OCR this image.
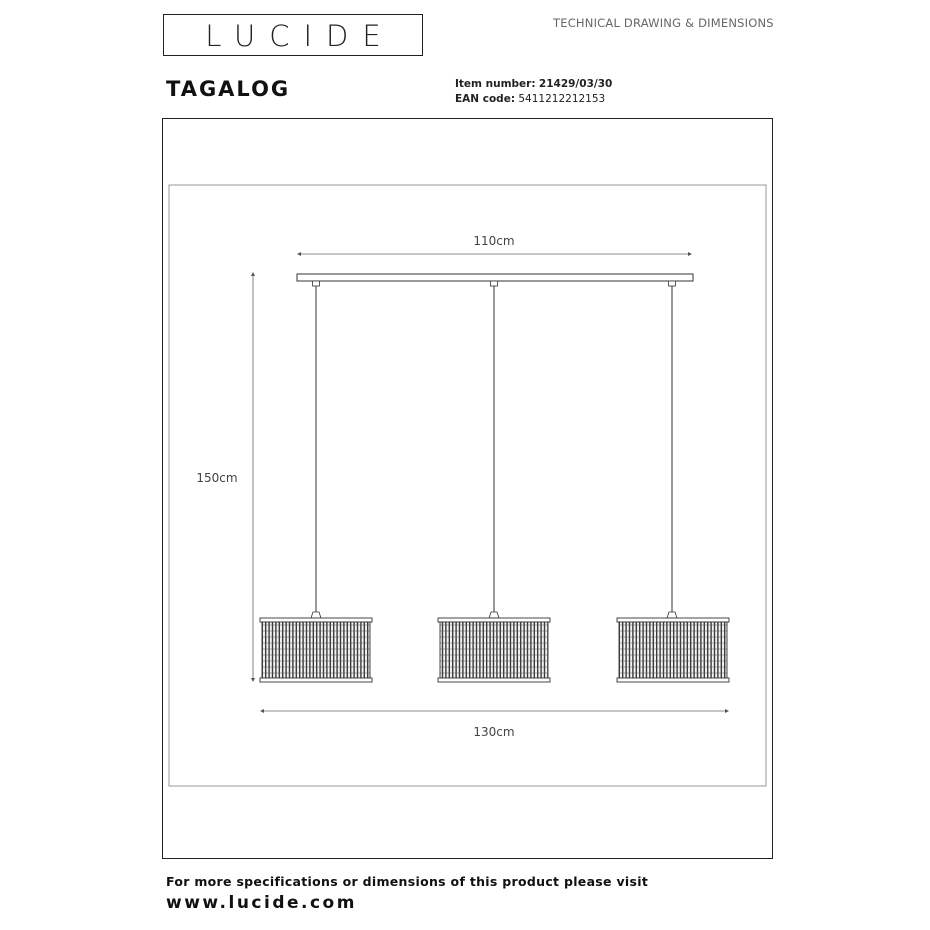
LUCIDE	TECHNICAL DRAWING & DIMENSIONS
TAGALOG	Item number: 21429/03/30
EAN code: 5411212212153
110cm
150cm
130cm
For more specifications or dimensions of this product please visit
www.lucide.com
